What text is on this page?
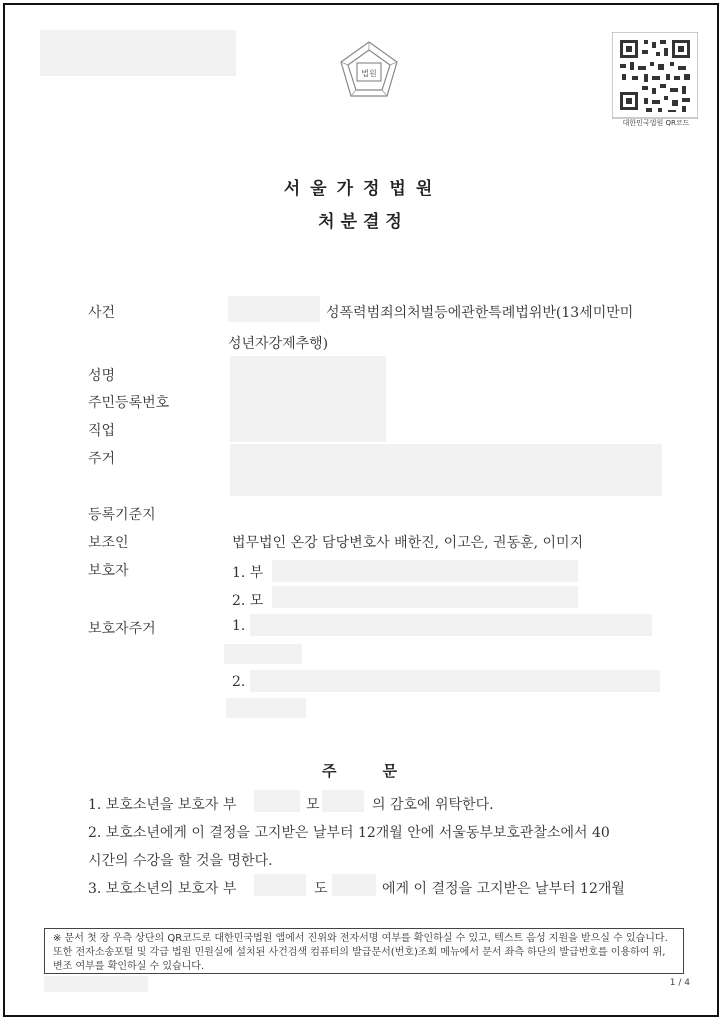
법원
대한민국법원 QR코드
서울가정법원
처분결정
사건	성폭력범죄의처벌등에관한특례법위반(13세미만미
성년자강제추행)
성명
주민등록번호
직업
주거
등록기준지
보조인	법무법인 온강 담당변호사 배한진, 이고은, 권동훈, 이미지
보호자	1. 부
2. 모
보호자주거	1.
2.
주문
1. 보호소년을 보호자 부	모	의 감호에 위탁한다.
2. 보호소년에게 이 결정을 고지받은 날부터 12개월 안에 서울동부보호관찰소에서 40
시간의 수강을 할 것을 명한다.
3. 보호소년의 보호자 부	도	에게 이 결정을 고지받은 날부터 12개월
※ 문서 첫 장 우측 상단의 QR코드로 대한민국법원 앱에서 진위와 전자서명 여부를 확인하실 수 있고, 텍스트 음성 지원을 받으실 수 있습니다. 또한 전자소송포털 및 각급 법원 민원실에 설치된 사건검색 컴퓨터의 발급문서(번호)조회 메뉴에서 문서 좌측 하단의 발급번호를 이용하여 위,변조 여부를 확인하실 수 있습니다.
1 / 4
